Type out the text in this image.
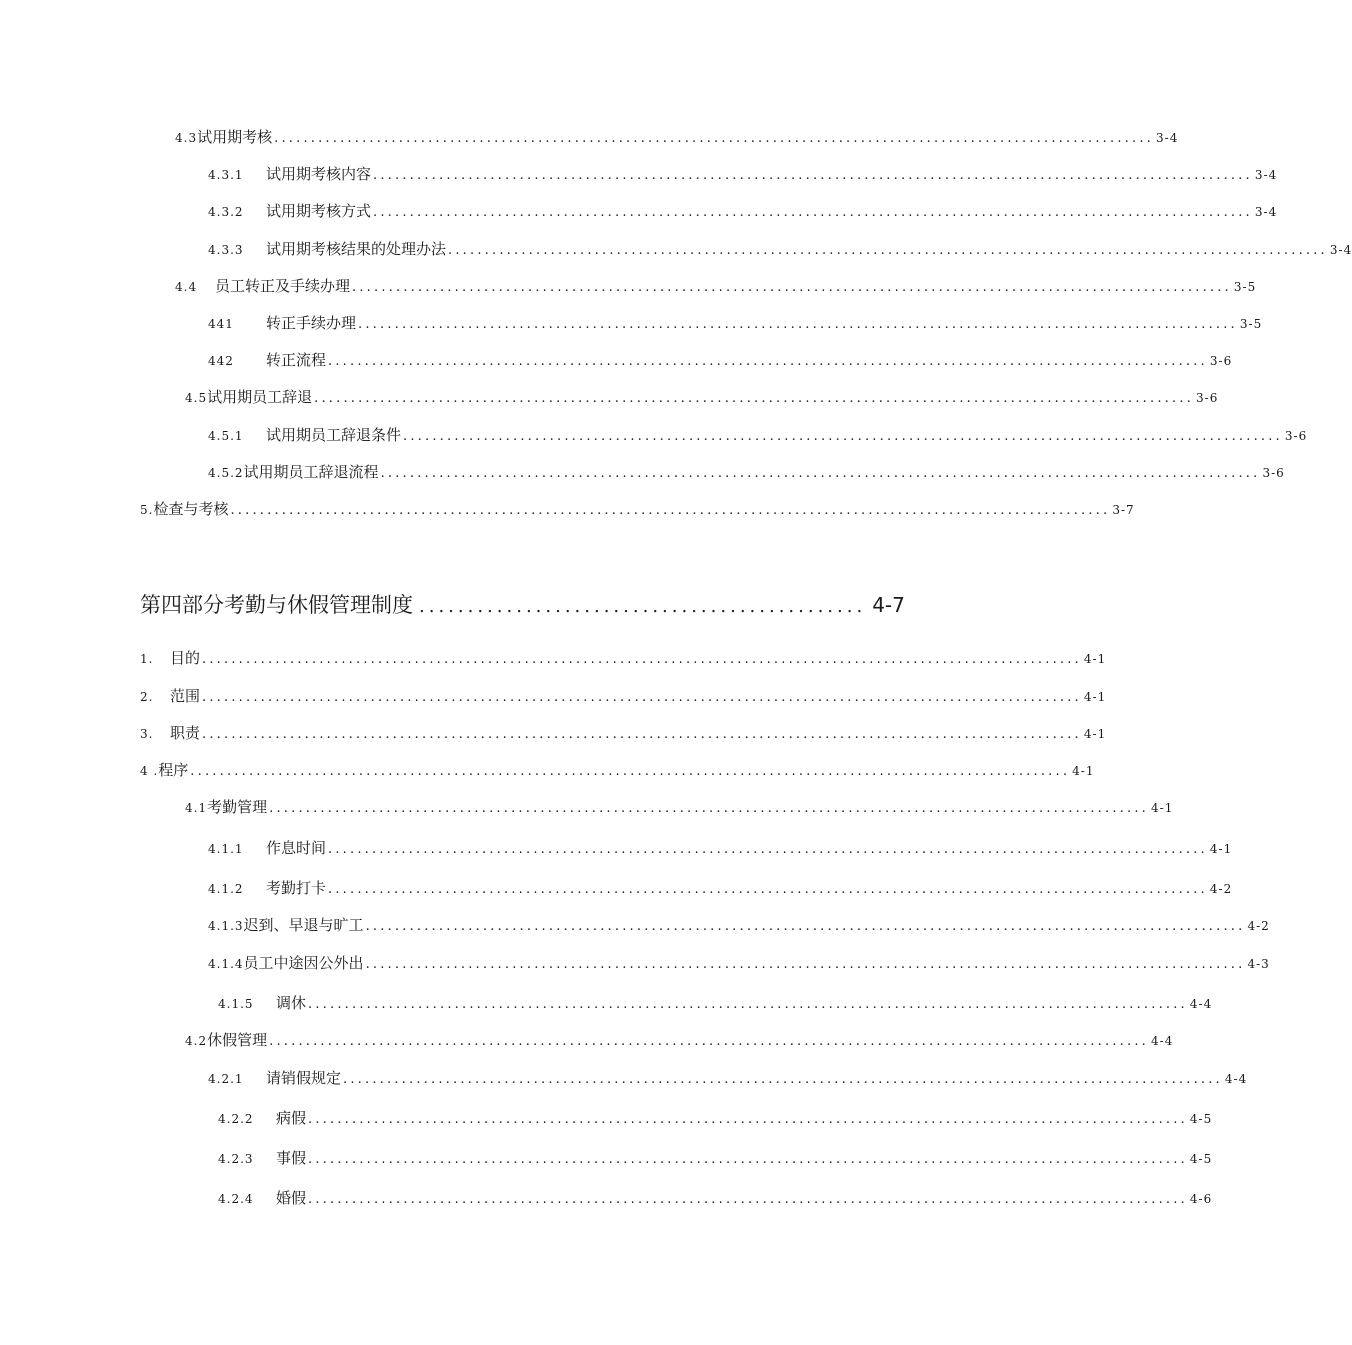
4.3 试用期考核 ........................................................................................................................ 3-4
4.3.1	试用期考核内容 ........................................................................................................................ 3-4
4.3.2	试用期考核方式 ........................................................................................................................ 3-4
4.3.3	试用期考核结果的处理办法 ........................................................................................................................ 3-4
4.4	员工转正及手续办理 ........................................................................................................................ 3-5
441	转正手续办理 ........................................................................................................................ 3-5
442	转正流程 ........................................................................................................................ 3-6
4.5 试用期员工辞退 ........................................................................................................................ 3-6
4.5.1	试用期员工辞退条件 ........................................................................................................................ 3-6
4.5.2 试用期员工辞退流程 ........................................................................................................................ 3-6
5. 检查与考核 ........................................................................................................................ 3-7
第四部分考勤与休假管理制度 .............................................. 4-7
1.	目的 ........................................................................................................................ 4-1
2.	范围 ........................................................................................................................ 4-1
3.	职责 ........................................................................................................................ 4-1
4 . 程序 ........................................................................................................................ 4-1
4.1 考勤管理 ........................................................................................................................ 4-1
4.1.1	作息时间 ........................................................................................................................ 4-1
4.1.2	考勤打卡 ........................................................................................................................ 4-2
4.1.3 迟到、早退与旷工 ........................................................................................................................ 4-2
4.1.4 员工中途因公外出 ........................................................................................................................ 4-3
4.1.5	调休 ........................................................................................................................ 4-4
4.2 休假管理 ........................................................................................................................ 4-4
4.2.1	请销假规定 ........................................................................................................................ 4-4
4.2.2	病假 ........................................................................................................................ 4-5
4.2.3	事假 ........................................................................................................................ 4-5
4.2.4	婚假 ........................................................................................................................ 4-6
